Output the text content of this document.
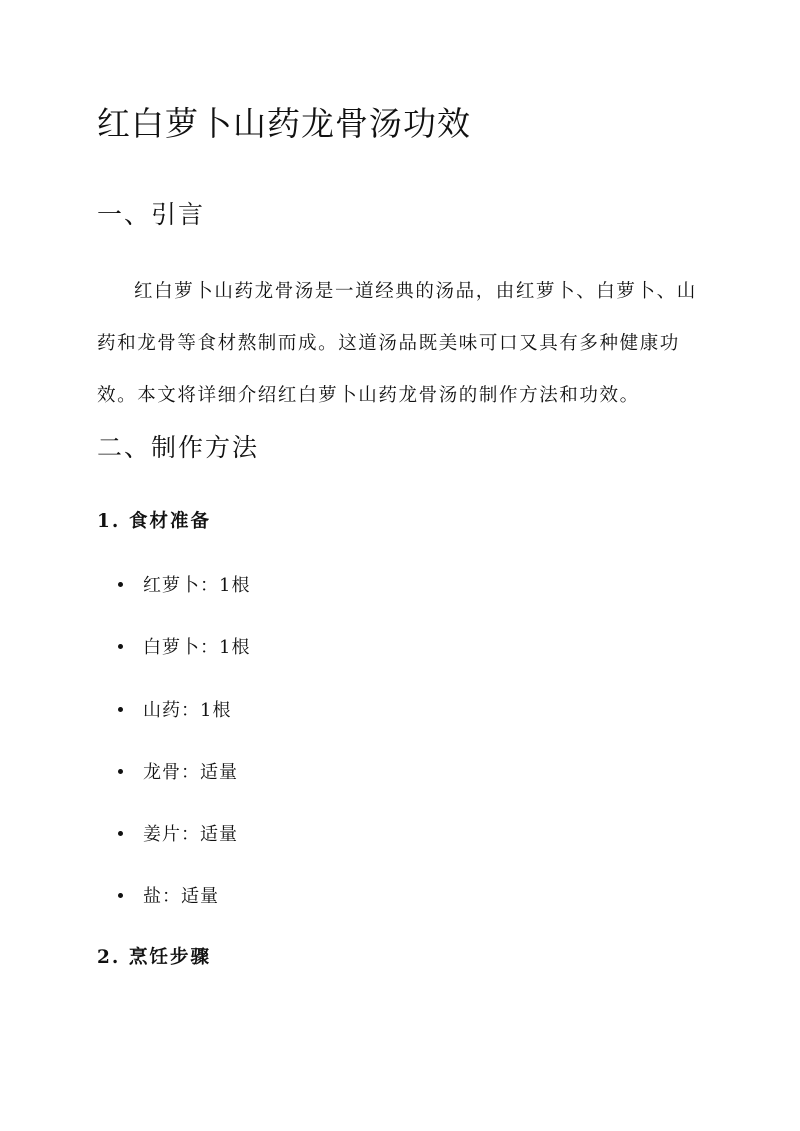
红白萝卜山药龙骨汤功效
一、引言

红白萝卜山药龙骨汤是一道经典的汤品，由红萝卜、白萝卜、山药和龙骨等食材熬制而成。这道汤品既美味可口又具有多种健康功效。本文将详细介绍红白萝卜山药龙骨汤的制作方法和功效。

二、制作方法
1. 食材准备
红萝卜：1根
白萝卜：1根
山药：1根
龙骨：适量
姜片：适量
盐：适量
2. 烹饪步骤
